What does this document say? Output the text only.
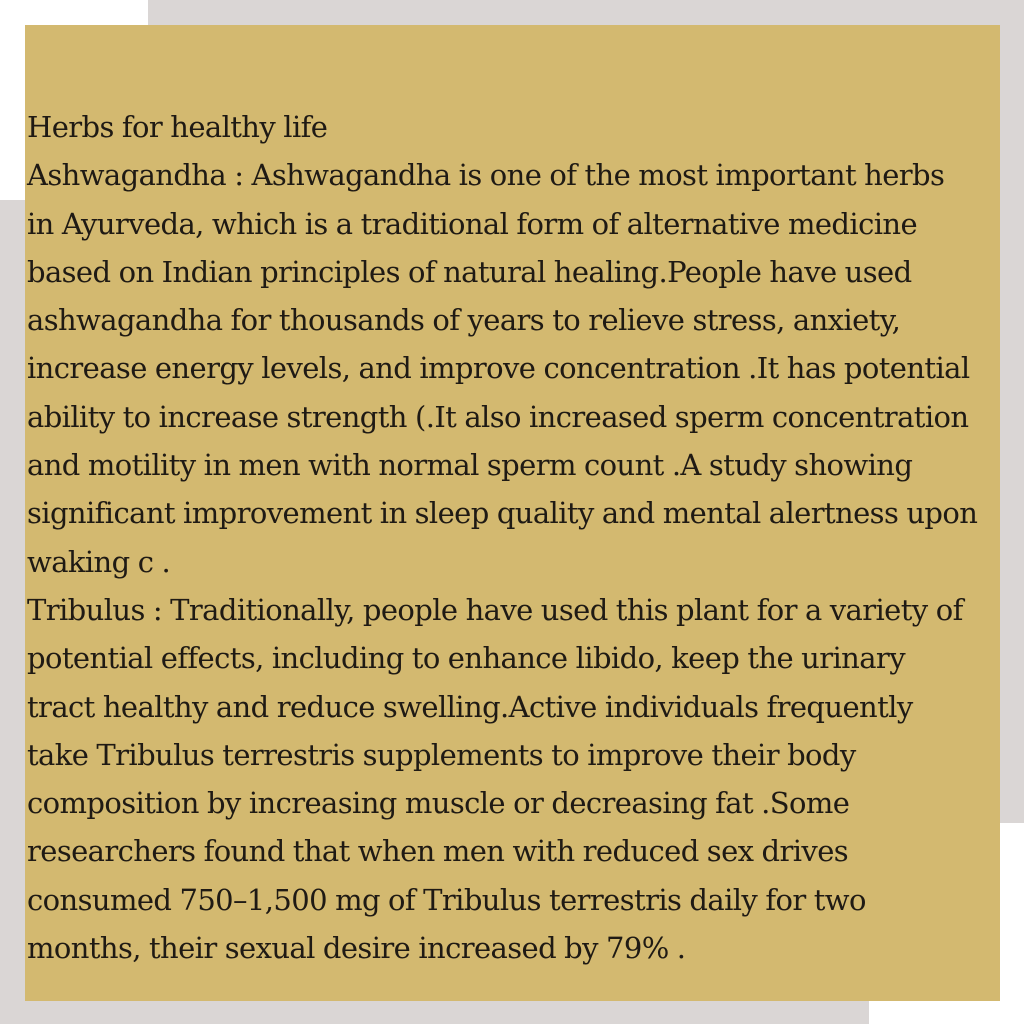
Herbs for healthy life

Ashwagandha : Ashwagandha is one of the most important herbs

in Ayurveda, which is a traditional form of alternative medicine

based on Indian principles of natural healing.People have used

ashwagandha for thousands of years to relieve stress, anxiety,

increase energy levels, and improve concentration .It has potential

ability to increase strength (.It also increased sperm concentration

and motility in men with normal sperm count .A study showing

significant improvement in sleep quality and mental alertness upon

waking c .

Tribulus : Traditionally, people have used this plant for a variety of

potential effects, including to enhance libido, keep the urinary

tract healthy and reduce swelling.Active individuals frequently

take Tribulus terrestris supplements to improve their body

composition by increasing muscle or decreasing fat .Some

researchers found that when men with reduced sex drives

consumed 750–1,500 mg of Tribulus terrestris daily for two

months, their sexual desire increased by 79% .
